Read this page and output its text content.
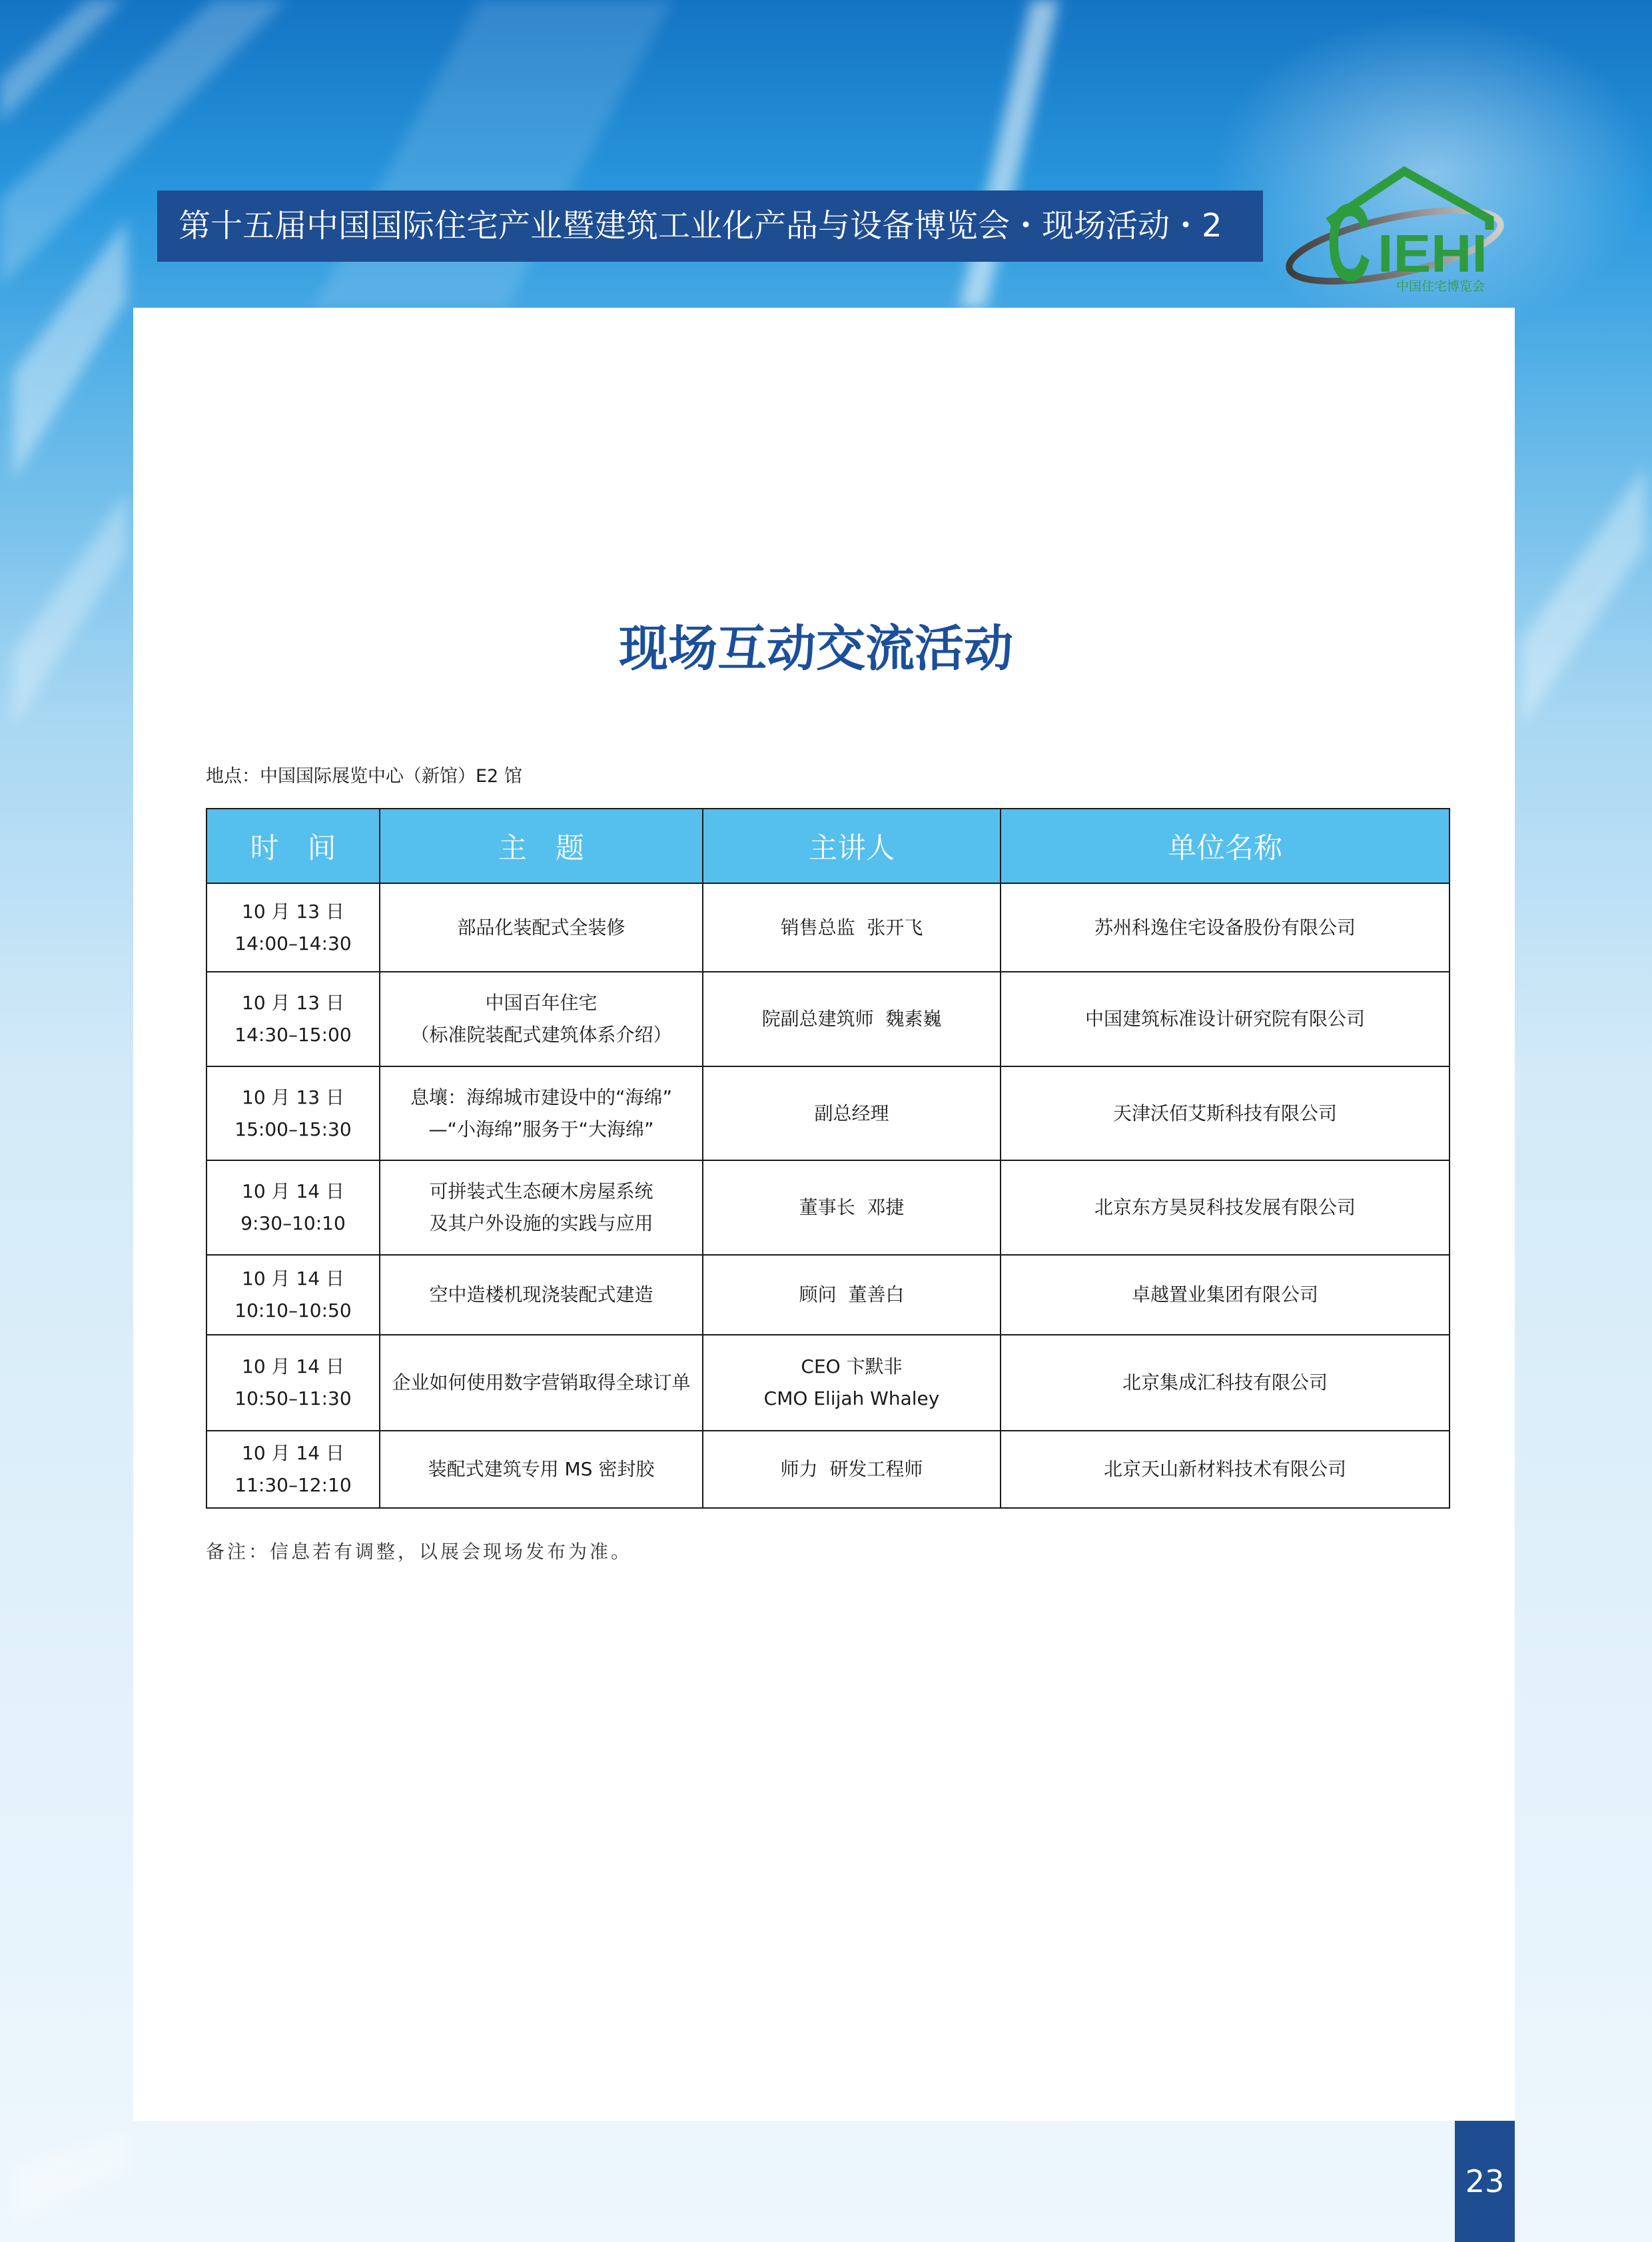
第十五届中国国际住宅产业暨建筑工业化产品与设备博览会・现场活动・2 C IEHI
中国住宅博览会
现场互动交流活动
地点：中国国际展览中心（新馆）E2 馆
时　间	主　题	主讲人	单位名称

10 月 13 日
14:00–14:30	部品化装配式全装修	销售总监  张开飞	苏州科逸住宅设备股份有限公司

10 月 13 日
14:30–15:00	中国百年住宅
（标准院装配式建筑体系介绍）	院副总建筑师  魏素巍	中国建筑标准设计研究院有限公司

10 月 13 日
15:00–15:30	息壤：海绵城市建设中的“海绵”
—“小海绵”服务于“大海绵”	副总经理	天津沃佰艾斯科技有限公司

10 月 14 日
9:30–10:10	可拼装式生态硬木房屋系统
及其户外设施的实践与应用	董事长  邓捷	北京东方昊炅科技发展有限公司

10 月 14 日
10:10–10:50	空中造楼机现浇装配式建造	顾问  董善白	卓越置业集团有限公司

10 月 14 日
10:50–11:30	企业如何使用数字营销取得全球订单	CEO 卞默非
CMO Elijah Whaley	北京集成汇科技有限公司

10 月 14 日
11:30–12:10	装配式建筑专用 MS 密封胶	师力  研发工程师	北京天山新材料技术有限公司
备注：信息若有调整，以展会现场发布为准。
23
